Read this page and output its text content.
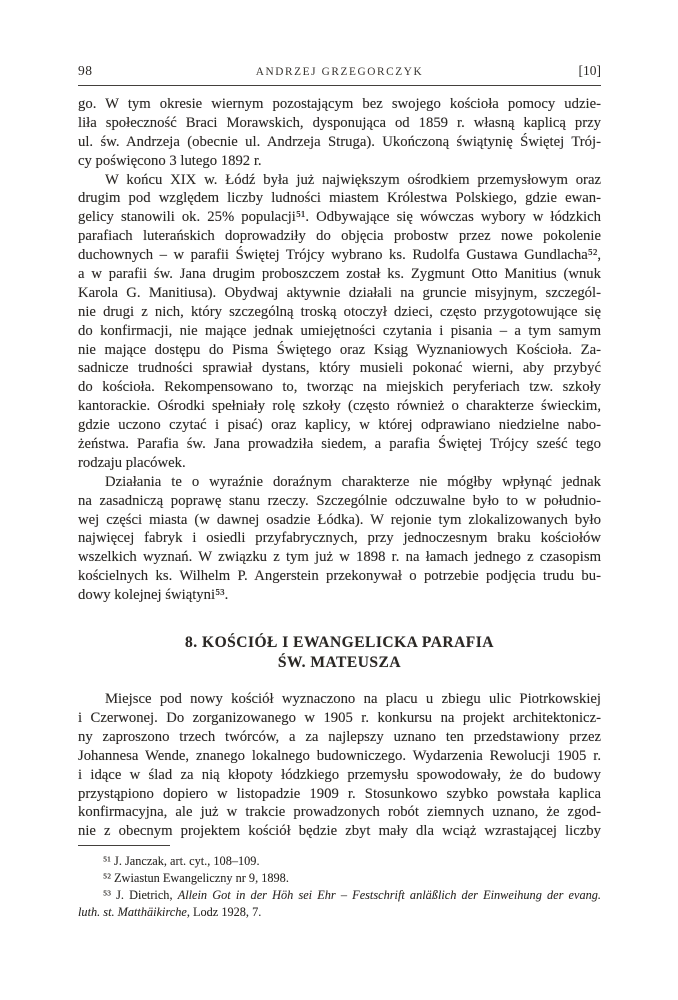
98	ANDRZEJ GRZEGORCZYK	[10]
go. W tym okresie wiernym pozostającym bez swojego kościoła pomocy udzie-
liła społeczność Braci Morawskich, dysponująca od 1859 r. własną kaplicą przy
ul. św. Andrzeja (obecnie ul. Andrzeja Struga). Ukończoną świątynię Świętej Trój-
cy poświęcono 3 lutego 1892 r.
W końcu XIX w. Łódź była już największym ośrodkiem przemysłowym oraz
drugim pod względem liczby ludności miastem Królestwa Polskiego, gdzie ewan-
gelicy stanowili ok. 25% populacji⁵¹. Odbywające się wówczas wybory w łódzkich
parafiach luterańskich doprowadziły do objęcia probostw przez nowe pokolenie
duchownych – w parafii Świętej Trójcy wybrano ks. Rudolfa Gustawa Gundlacha⁵²,
a w parafii św. Jana drugim proboszczem został ks. Zygmunt Otto Manitius (wnuk
Karola G. Manitiusa). Obydwaj aktywnie działali na gruncie misyjnym, szczegól-
nie drugi z nich, który szczególną troską otoczył dzieci, często przygotowujące się
do konfirmacji, nie mające jednak umiejętności czytania i pisania – a tym samym
nie mające dostępu do Pisma Świętego oraz Ksiąg Wyznaniowych Kościoła. Za-
sadnicze trudności sprawiał dystans, który musieli pokonać wierni, aby przybyć
do kościoła. Rekompensowano to, tworząc na miejskich peryferiach tzw. szkoły
kantorackie. Ośrodki spełniały rolę szkoły (często również o charakterze świeckim,
gdzie uczono czytać i pisać) oraz kaplicy, w której odprawiano niedzielne nabo-
żeństwa. Parafia św. Jana prowadziła siedem, a parafia Świętej Trójcy sześć tego
rodzaju placówek.
Działania te o wyraźnie doraźnym charakterze nie mógłby wpłynąć jednak
na zasadniczą poprawę stanu rzeczy. Szczególnie odczuwalne było to w południo-
wej części miasta (w dawnej osadzie Łódka). W rejonie tym zlokalizowanych było
najwięcej fabryk i osiedli przyfabrycznych, przy jednoczesnym braku kościołów
wszelkich wyznań. W związku z tym już w 1898 r. na łamach jednego z czasopism
kościelnych ks. Wilhelm P. Angerstein przekonywał o potrzebie podjęcia trudu bu-
dowy kolejnej świątyni⁵³.
8. KOŚCIÓŁ I EWANGELICKA PARAFIA
ŚW. MATEUSZA
Miejsce pod nowy kościół wyznaczono na placu u zbiegu ulic Piotrkowskiej
i Czerwonej. Do zorganizowanego w 1905 r. konkursu na projekt architektonicz-
ny zaproszono trzech twórców, a za najlepszy uznano ten przedstawiony przez
Johannesa Wende, znanego lokalnego budowniczego. Wydarzenia Rewolucji 1905 r.
i idące w ślad za nią kłopoty łódzkiego przemysłu spowodowały, że do budowy
przystąpiono dopiero w listopadzie 1909 r. Stosunkowo szybko powstała kaplica
konfirmacyjna, ale już w trakcie prowadzonych robót ziemnych uznano, że zgod-
nie z obecnym projektem kościół będzie zbyt mały dla wciąż wzrastającej liczby
⁵¹ J. Janczak, art. cyt., 108–109.
⁵² Zwiastun Ewangeliczny nr 9, 1898.
⁵³ J. Dietrich, Allein Got in der Höh sei Ehr – Festschrift anläßlich der Einweihung der evang.
luth. st. Matthäikirche, Lodz 1928, 7.
